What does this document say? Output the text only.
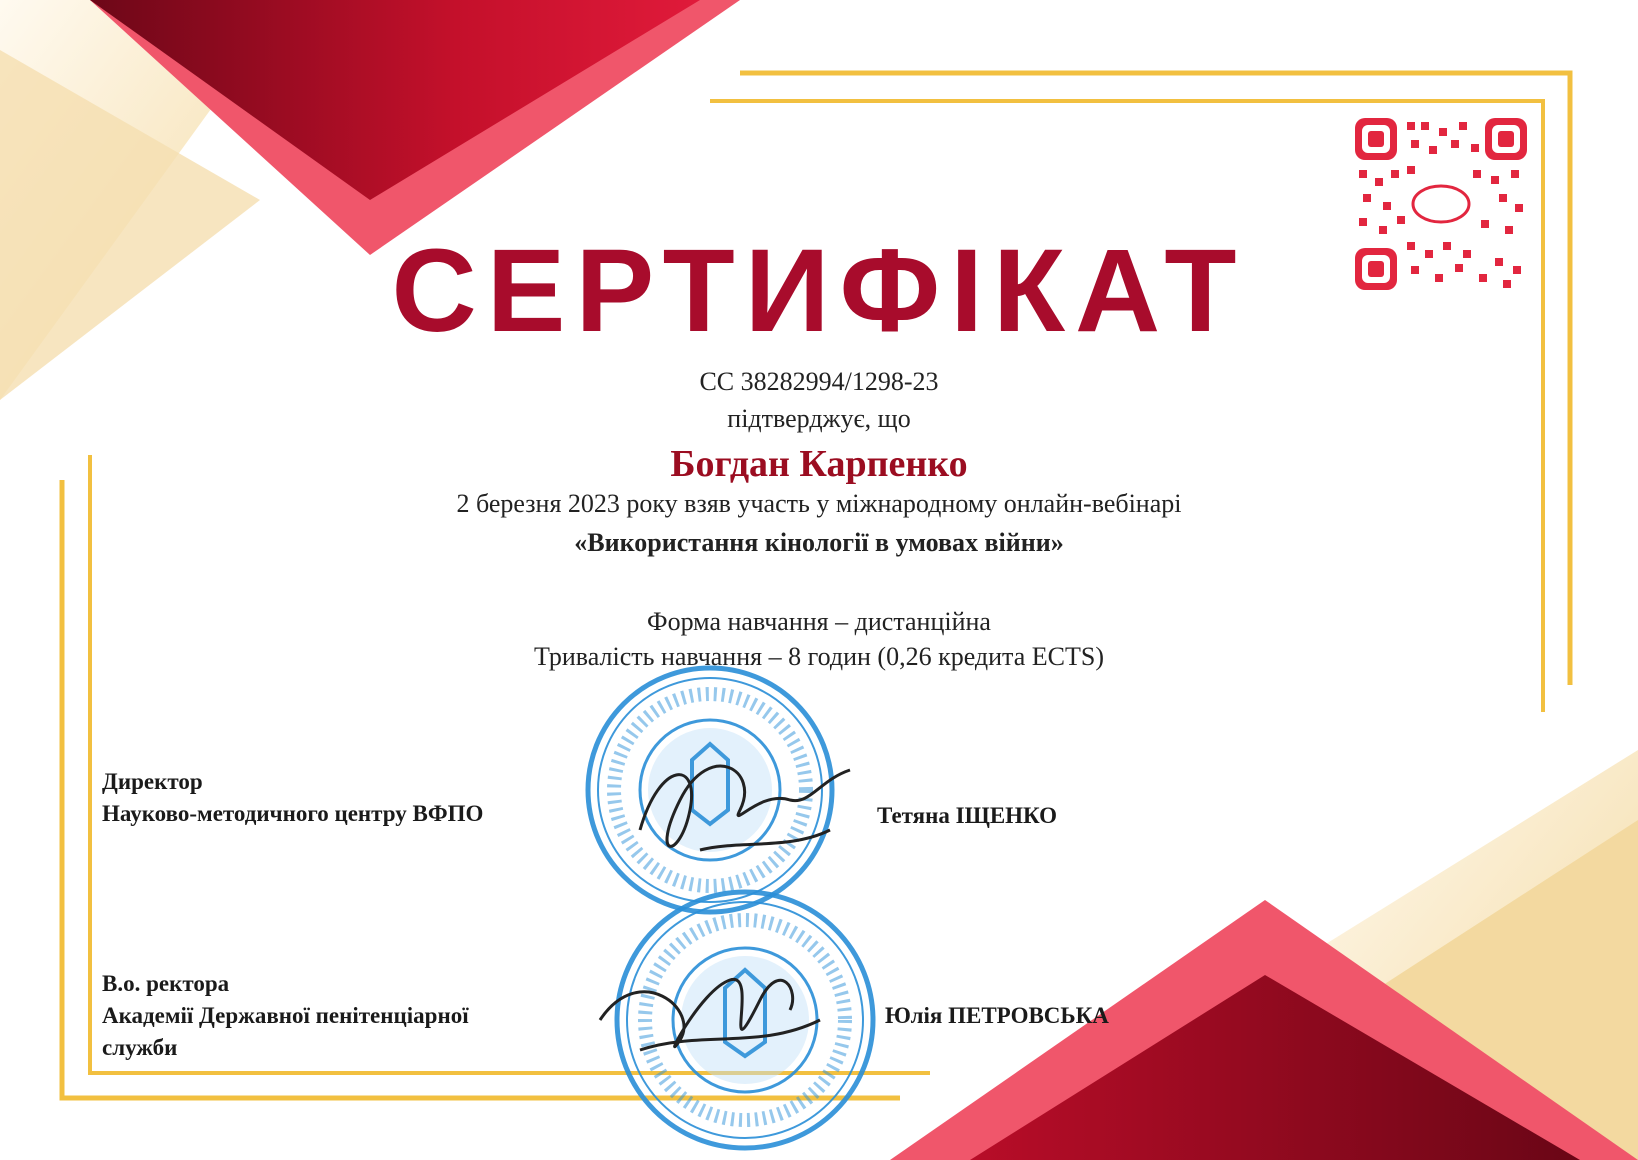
СЕРТИФІКАТ
СС 38282994/1298-23
підтверджує, що
Богдан Карпенко
2 березня 2023 року взяв участь у міжнародному онлайн-вебінарі
«Використання кінології в умовах війни»
Форма навчання – дистанційна
Тривалість навчання – 8 годин (0,26 кредита ECTS)
Директор
Науково-методичного центру ВФПО	Тетяна ІЩЕНКО
В.о. ректора
Академії Державної пенітенціарної
служби
Юлія ПЕТРОВСЬКА
